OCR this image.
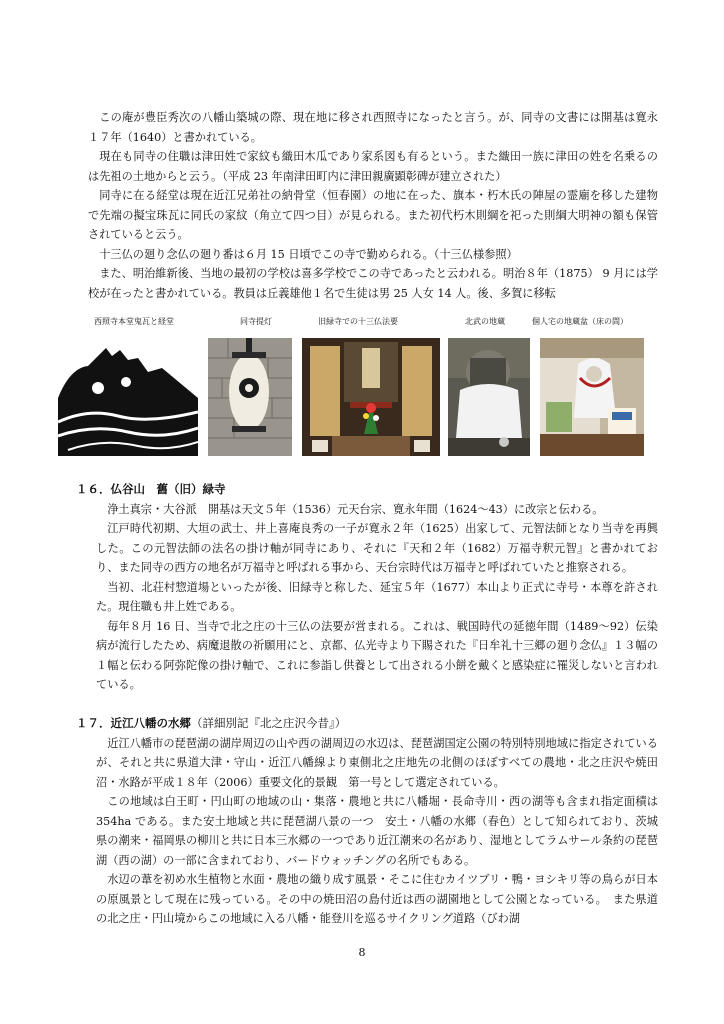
この庵が豊臣秀次の八幡山築城の際、現在地に移され西照寺になったと言う。が、同寺の文書には開基は寛永１７年（1640）と書かれている。

現在も同寺の住職は津田姓で家紋も織田木瓜であり家系図も有るという。また織田一族に津田の姓を名乗るのは先祖の土地からと云う。（平成 23 年南津田町内に津田親廣顕彰碑が建立された）

同寺に在る経堂は現在近江兄弟社の納骨堂（恒春園）の地に在った、旗本・朽木氏の陣屋の霊廟を移した建物で先端の擬宝珠瓦に同氏の家紋（角立て四つ目）が見られる。また初代朽木則綱を祀った則綱大明神の額も保管されていると云う。

十三仏の廻り念仏の廻り番は６月 15 日頃でこの寺で勤められる。（十三仏様参照）

また、明治維新後、当地の最初の学校は喜多学校でこの寺であったと云われる。明治８年（1875） 9 月には学校が在ったと書かれている。教員は丘義雄他１名で生徒は男 25 人女 14 人。後、多賀に移転

西照寺本堂鬼瓦と経堂	同寺提灯	旧緑寺での十三仏法要	北武の地蔵	個人宅の地蔵盆（床の間）

１６．仏谷山　舊（旧）緑寺

浄土真宗・大谷派　開基は天文５年（1536）元天台宗、寛永年間（1624～43）に改宗と伝わる。

江戸時代初期、大垣の武士、井上喜庵良秀の一子が寛永２年（1625）出家して、元智法師となり当寺を再興した。この元智法師の法名の掛け軸が同寺にあり、それに『天和２年（1682）万福寺釈元智』と書かれており、また同寺の西方の地名が万福寺と呼ばれる事から、天台宗時代は万福寺と呼ばれていたと推察される。

当初、北荘村惣道場といったが後、旧緑寺と称した、延宝５年（1677）本山より正式に寺号・本尊を許された。現住職も井上姓である。

毎年８月 16 日、当寺で北之庄の十三仏の法要が営まれる。これは、戦国時代の延徳年間（1489～92）伝染病が流行したため、病魔退散の祈願用にと、京都、仏光寺より下賜された『日牟礼十三郷の廻り念仏』１３幅の１幅と伝わる阿弥陀像の掛け軸で、これに参詣し供養として出される小餅を戴くと感染症に罹災しないと言われている。

１７．近江八幡の水郷（詳細別記『北之庄沢今昔』）

近江八幡市の琵琶湖の湖岸周辺の山や西の湖周辺の水辺は、琵琶湖国定公園の特別特別地域に指定されているが、それと共に県道大津・守山・近江八幡線より東側北之庄地先の北側のほぼすべての農地・北之庄沢や焼田沼・水路が平成１８年（2006）重要文化的景観　第一号として選定されている。

この地域は白王町・円山町の地域の山・集落・農地と共に八幡堀・長命寺川・西の湖等も含まれ指定面積は 354ha である。また安土地域と共に琵琶湖八景の一つ　安土・八幡の水郷（春色）として知られており、茨城県の潮来・福岡県の柳川と共に日本三水郷の一つであり近江潮来の名があり、湿地としてラムサール条約の琵琶湖（西の湖）の一部に含まれており、バードウォッチングの名所でもある。

水辺の葦を初め水生植物と水面・農地の織り成す風景・そこに住むカイツブリ・鴨・ヨシキリ等の鳥らが日本の原風景として現在に残っている。その中の焼田沼の島付近は西の湖園地として公園となっている。　また県道の北之庄・円山境からこの地域に入る八幡・能登川を巡るサイクリング道路（びわ湖

8
